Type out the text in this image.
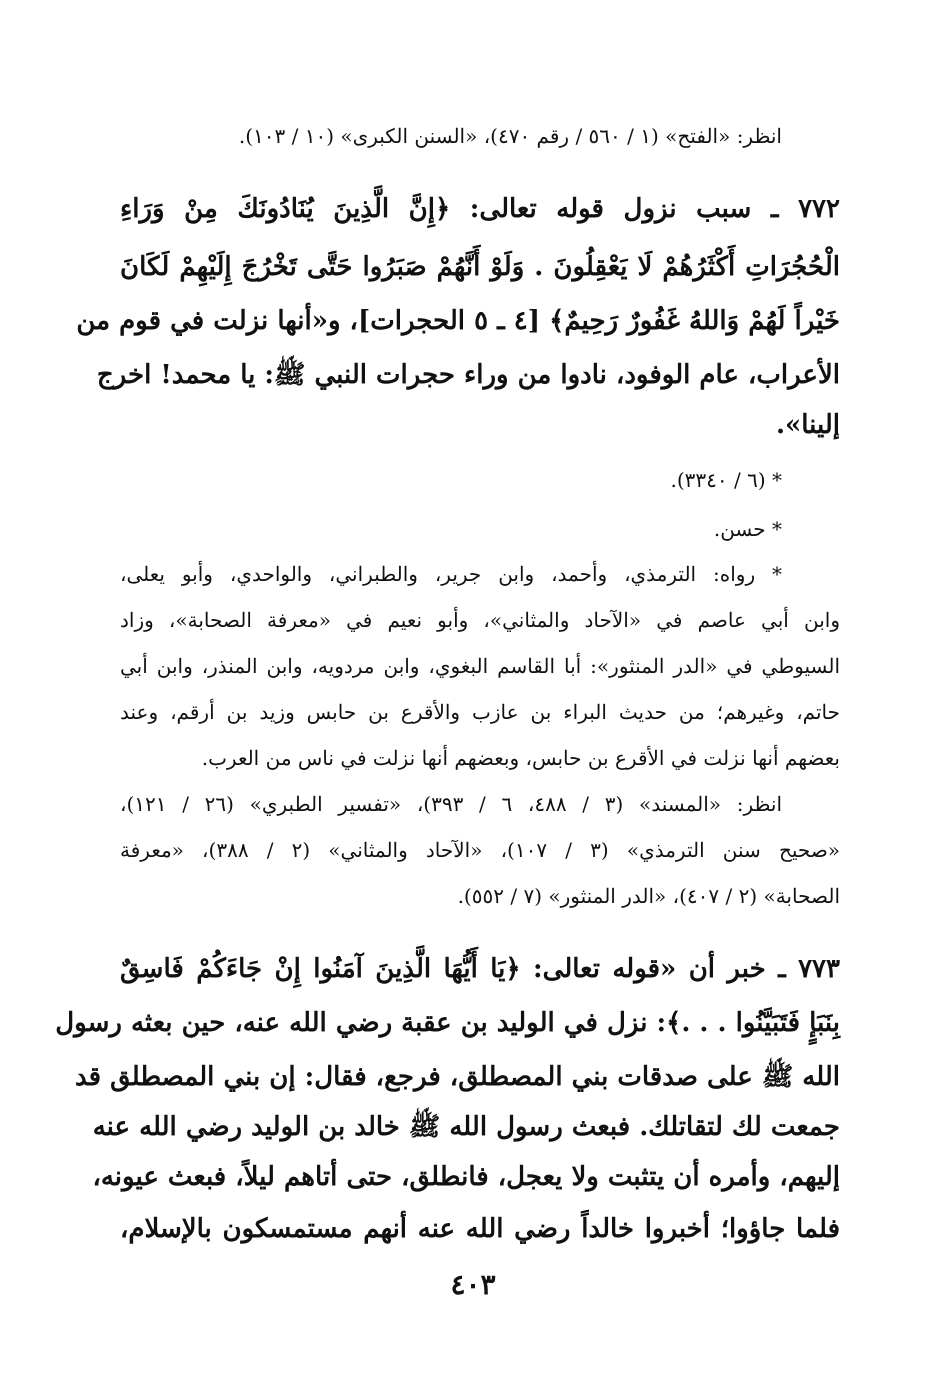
انظر: «الفتح» (١ / ٥٦٠ / رقم ٤٧٠)، «السنن الكبرى» (١٠ / ١٠٣).
٧٧٢ ـ سبب نزول قوله تعالى: ﴿إِنَّ الَّذِينَ يُنَادُونَكَ مِنْ وَرَاءِ
الْحُجُرَاتِ أَكْثَرُهُمْ لَا يَعْقِلُونَ . وَلَوْ أَنَّهُمْ صَبَرُوا حَتَّى تَخْرُجَ إِلَيْهِمْ لَكَانَ
خَيْراً لَهُمْ وَاللهُ غَفُورٌ رَحِيمٌ﴾ [٤ ـ ٥ الحجرات]، و«أنها نزلت في قوم من
الأعراب، عام الوفود، نادوا من وراء حجرات النبي ﷺ: يا محمد! اخرج
إلينا».
* (٦ / ٣٣٤٠).
* حسن.
* رواه: الترمذي، وأحمد، وابن جرير، والطبراني، والواحدي، وأبو يعلى،
وابن أبي عاصم في «الآحاد والمثاني»، وأبو نعيم في «معرفة الصحابة»، وزاد
السيوطي في «الدر المنثور»: أبا القاسم البغوي، وابن مردويه، وابن المنذر، وابن أبي
حاتم، وغيرهم؛ من حديث البراء بن عازب والأقرع بن حابس وزيد بن أرقم، وعند
بعضهم أنها نزلت في الأقرع بن حابس، وبعضهم أنها نزلت في ناس من العرب.
انظر: «المسند» (٣ / ٤٨٨، ٦ / ٣٩٣)، «تفسير الطبري» (٢٦ / ١٢١)،
«صحيح سنن الترمذي» (٣ / ١٠٧)، «الآحاد والمثاني» (٢ / ٣٨٨)، «معرفة
الصحابة» (٢ / ٤٠٧)، «الدر المنثور» (٧ / ٥٥٢).
٧٧٣ ـ خبر أن «قوله تعالى: ﴿يَا أَيُّهَا الَّذِينَ آمَنُوا إِنْ جَاءَكُمْ فَاسِقٌ
بِنَبَإٍ فَتَبَيَّنُوا . . .﴾: نزل في الوليد بن عقبة رضي الله عنه، حين بعثه رسول
الله ﷺ على صدقات بني المصطلق، فرجع، فقال: إن بني المصطلق قد
جمعت لك لتقاتلك. فبعث رسول الله ﷺ خالد بن الوليد رضي الله عنه
إليهم، وأمره أن يتثبت ولا يعجل، فانطلق، حتى أتاهم ليلاً، فبعث عيونه،
فلما جاؤوا؛ أخبروا خالداً رضي الله عنه أنهم مستمسكون بالإسلام،
٤٠٣
